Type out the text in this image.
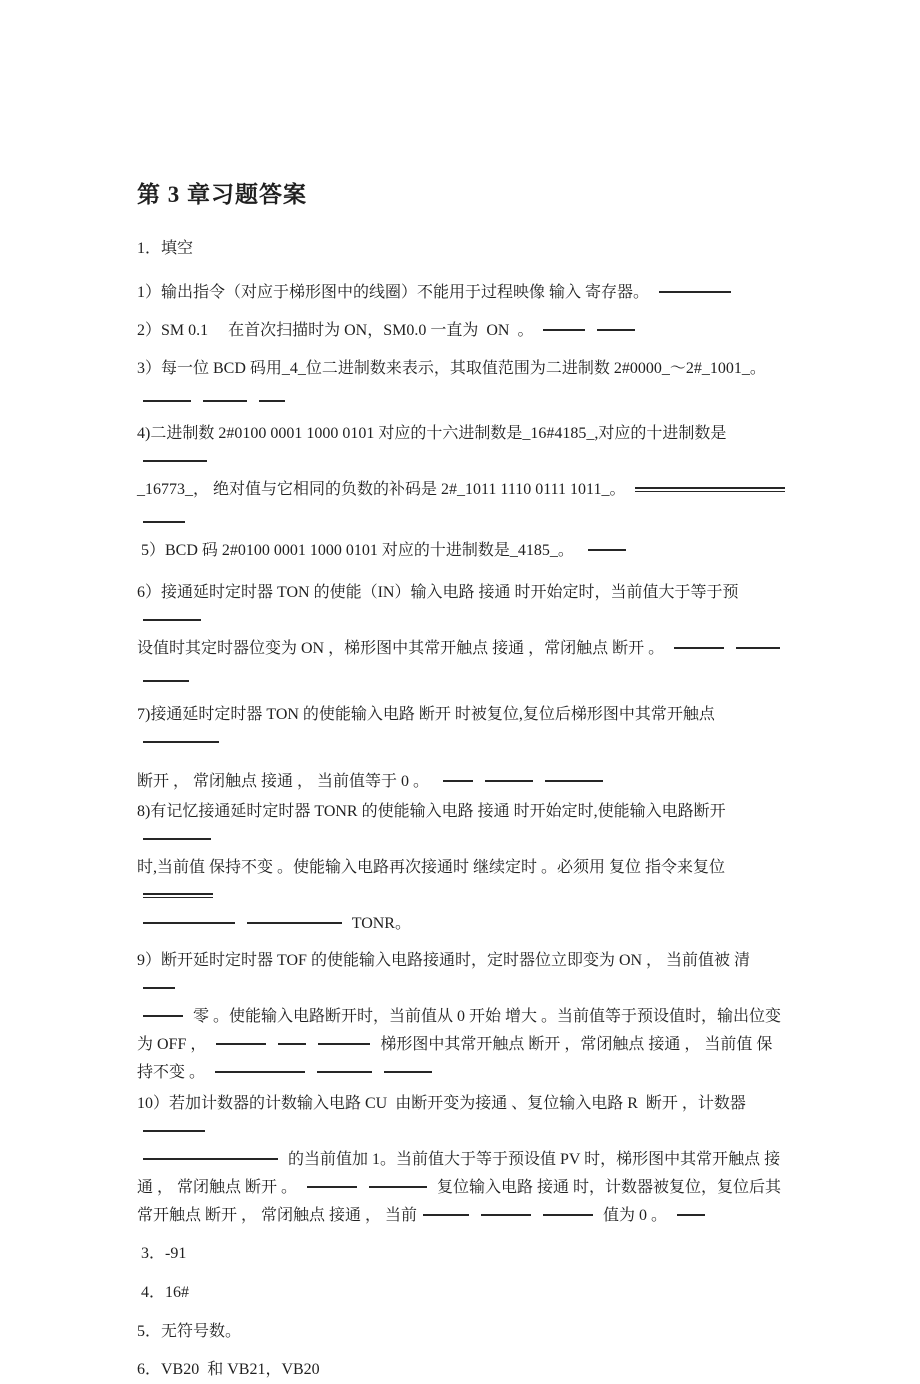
第 3 章习题答案
1．填空
1）输出指令（对应于梯形图中的线圈）不能用于过程映像 输入 寄存器。
2）SM 0.1　 在首次扫描时为 ON，SM0.0 一直为  ON  。
3）每一位 BCD 码用_4_位二进制数来表示，其取值范围为二进制数 2#0000_～2#_1001_。
4)二进制数 2#0100 0001 1000 0101 对应的十六进制数是_16#4185_,对应的十进制数是
_16773_， 绝对值与它相同的负数的补码是 2#_1011 1110 0111 1011_。
5）BCD 码 2#0100 0001 1000 0101 对应的十进制数是_4185_。
6）接通延时定时器 TON 的使能（IN）输入电路 接通 时开始定时，当前值大于等于预
设值时其定时器位变为 ON ，梯形图中其常开触点 接通 ，常闭触点 断开 。
7)接通延时定时器 TON 的使能输入电路 断开 时被复位,复位后梯形图中其常开触点
断开 ， 常闭触点 接通 ， 当前值等于 0 。
8)有记忆接通延时定时器 TONR 的使能输入电路 接通 时开始定时,使能输入电路断开
时,当前值 保持不变 。使能输入电路再次接通时 继续定时 。必须用 复位 指令来复位
TONR。
9）断开延时定时器 TOF 的使能输入电路接通时，定时器位立即变为 ON ， 当前值被 清
零 。使能输入电路断开时，当前值从 0 开始 增大 。当前值等于预设值时，输出位变
为 OFF ，	梯形图中其常开触点 断开 ，常闭触点 接通 ， 当前值 保
持不变 。
10）若加计数器的计数输入电路 CU  由断开变为接通 、复位输入电路 R  断开 ，计数器
的当前值加 1。当前值大于等于预设值 PV 时，梯形图中其常开触点 接
通 ， 常闭触点 断开 。	复位输入电路 接通 时，计数器被复位，复位后其
常开触点 断开 ， 常闭触点 接通 ， 当前	值为 0 。
3．-91
4．16#
5．无符号数。
6．VB20  和 VB21，VB20
